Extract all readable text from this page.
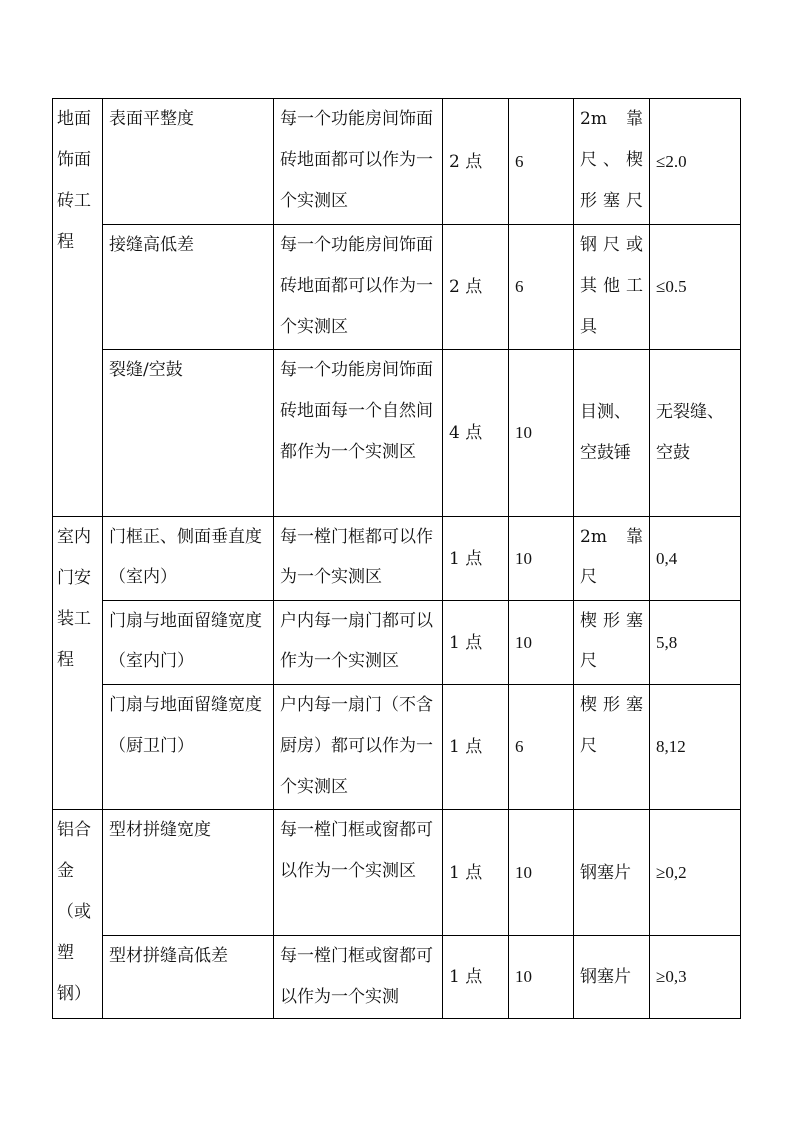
地面饰面砖工程	表面平整度	每一个功能房间饰面砖地面都可以作为一个实测区	2 点	6	2m 靠尺、楔形塞尺	≤2.0
	接缝高低差	每一个功能房间饰面砖地面都可以作为一个实测区	2 点	6	钢尺或其他工具	≤0.5
	裂缝/空鼓	每一个功能房间饰面砖地面每一个自然间都作为一个实测区	4 点	10	目测、空鼓锤	无裂缝、空鼓
室内门安装工程	门框正、侧面垂直度（室内）	每一樘门框都可以作为一个实测区	1 点	10	2m 靠尺	0,4
	门扇与地面留缝宽度（室内门）	户内每一扇门都可以作为一个实测区	1 点	10	楔形塞尺	5,8
	门扇与地面留缝宽度（厨卫门）	户内每一扇门（不含厨房）都可以作为一个实测区	1 点	6	楔形塞尺	8,12
铝合金（或塑钢）	型材拼缝宽度	每一樘门框或窗都可以作为一个实测区	1 点	10	钢塞片	≥0,2
	型材拼缝高低差	每一樘门框或窗都可以作为一个实测	1 点	10	钢塞片	≥0,3
